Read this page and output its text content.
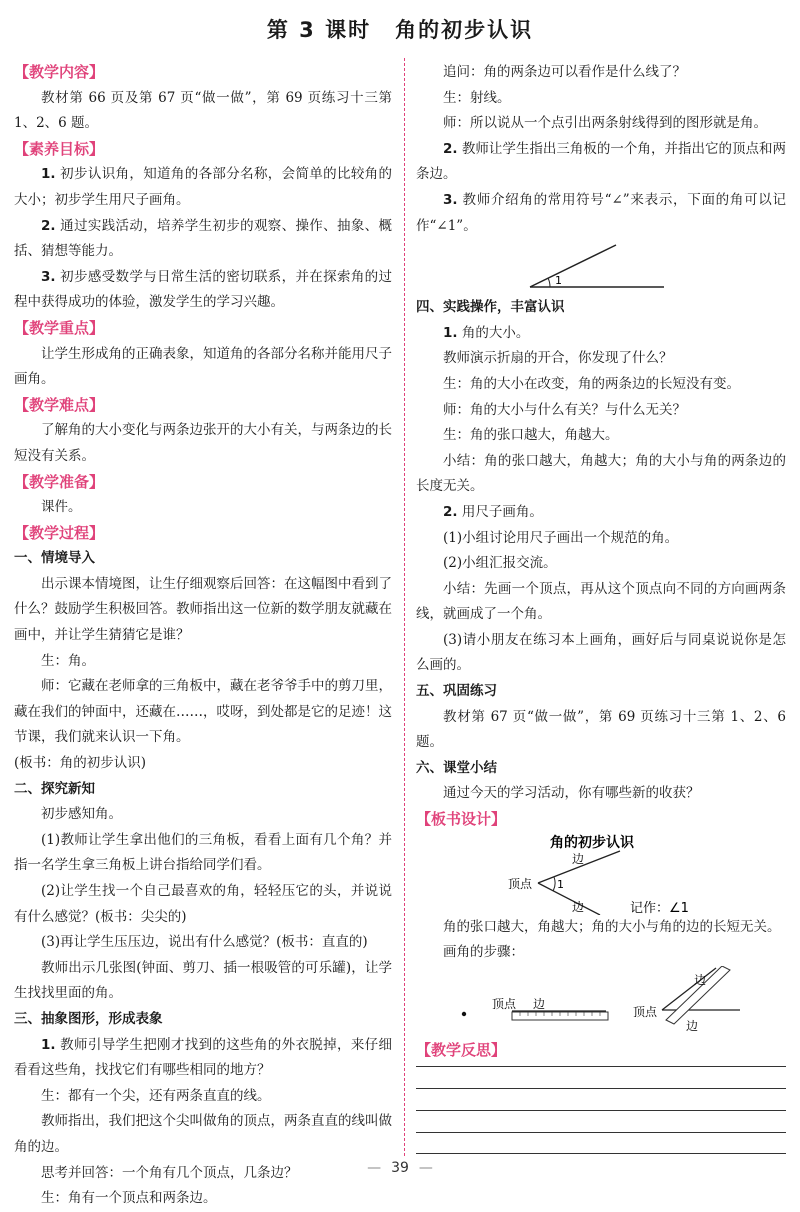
第 3 课时 角的初步认识
【教学内容】

教材第 66 页及第 67 页“做一做”，第 69 页练习十三第 1、2、6 题。

【素养目标】

1. 初步认识角，知道角的各部分名称，会简单的比较角的大小；初步学生用尺子画角。

2. 通过实践活动，培养学生初步的观察、操作、抽象、概括、猜想等能力。

3. 初步感受数学与日常生活的密切联系，并在探索角的过程中获得成功的体验，激发学生的学习兴趣。

【教学重点】

让学生形成角的正确表象，知道角的各部分名称并能用尺子画角。

【教学难点】

了解角的大小变化与两条边张开的大小有关，与两条边的长短没有关系。

【教学准备】

课件。

【教学过程】
一、情境导入

出示课本情境图，让生仔细观察后回答：在这幅图中看到了什么？鼓励学生积极回答。教师指出这一位新的数学朋友就藏在画中，并让学生猜猜它是谁？

生：角。

师：它藏在老师拿的三角板中，藏在老爷爷手中的剪刀里，藏在我们的钟面中，还藏在……，哎呀，到处都是它的足迹！这节课，我们就来认识一下角。

(板书：角的初步认识)

二、探究新知

初步感知角。

(1)教师让学生拿出他们的三角板，看看上面有几个角？并指一名学生拿三角板上讲台指给同学们看。

(2)让学生找一个自己最喜欢的角，轻轻压它的头，并说说有什么感觉？(板书：尖尖的)

(3)再让学生压压边，说出有什么感觉？(板书：直直的)

教师出示几张图(钟面、剪刀、插一根吸管的可乐罐)，让学生找找里面的角。

三、抽象图形，形成表象

1. 教师引导学生把刚才找到的这些角的外衣脱掉，来仔细看看这些角，找找它们有哪些相同的地方？

生：都有一个尖，还有两条直直的线。

教师指出，我们把这个尖叫做角的顶点，两条直直的线叫做角的边。

思考并回答：一个角有几个顶点，几条边？

生：角有一个顶点和两条边。

追问：角的两条边可以看作是什么线了？

生：射线。

师：所以说从一个点引出两条射线得到的图形就是角。

2. 教师让学生指出三角板的一个角，并指出它的顶点和两条边。

3. 教师介绍角的常用符号“∠”来表示，下面的角可以记作“∠1”。

1
四、实践操作，丰富认识

1. 角的大小。

教师演示折扇的开合，你发现了什么？

生：角的大小在改变，角的两条边的长短没有变。

师：角的大小与什么有关？与什么无关？

生：角的张口越大，角越大。

小结：角的张口越大，角越大；角的大小与角的两条边的长度无关。

2. 用尺子画角。

(1)小组讨论用尺子画出一个规范的角。

(2)小组汇报交流。

小结：先画一个顶点，再从这个顶点向不同的方向画两条线，就画成了一个角。

(3)请小朋友在练习本上画角，画好后与同桌说说你是怎么画的。

五、巩固练习

教材第 67 页“做一做”，第 69 页练习十三第 1、2、6 题。

六、课堂小结

通过今天的学习活动，你有哪些新的收获？

【板书设计】
角的初步认识
1
顶点
边
边	记作：∠1

角的张口越大，角越大；角的大小与角的边的长短无关。

画角的步骤：

顶点 边
顶点
边
边
【教学反思】
— 39 —
